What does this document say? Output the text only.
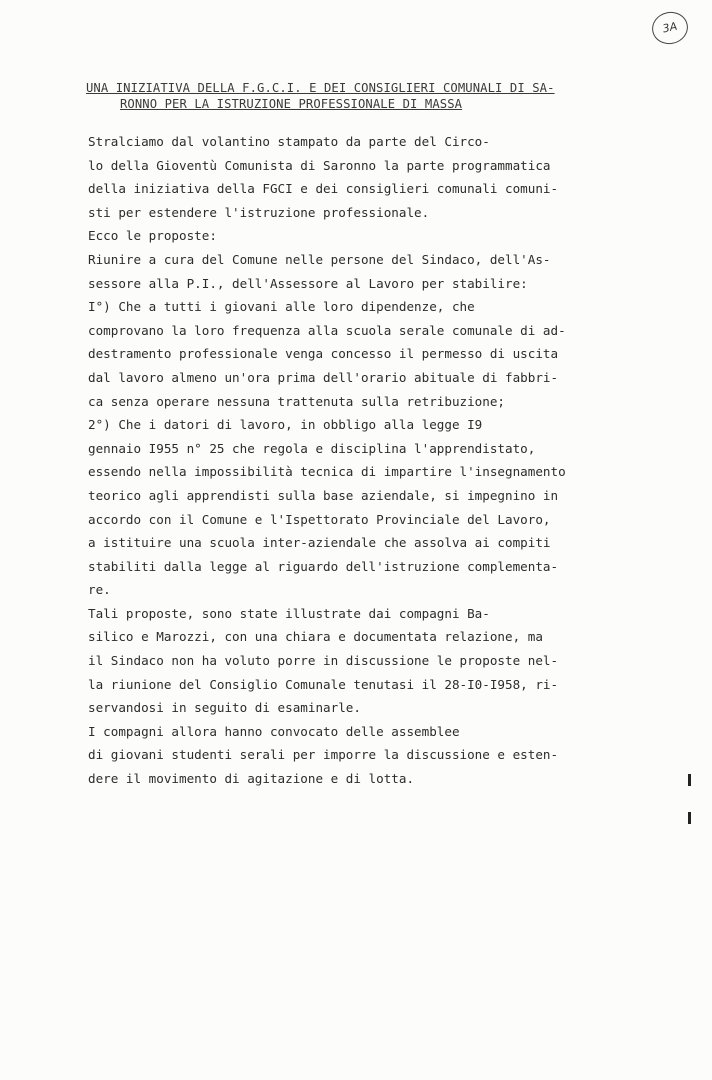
3A
UNA INIZIATIVA DELLA F.G.C.I. E DEI CONSIGLIERI COMUNALI DI SA-
RONNO PER LA ISTRUZIONE PROFESSIONALE DI MASSA

Stralciamo dal volantino stampato da parte del Circo-

lo della Gioventù Comunista di Saronno la parte programmatica

della iniziativa della FGCI e dei consiglieri comunali comuni-

sti per estendere l'istruzione professionale.

Ecco le proposte:

Riunire a cura del Comune nelle persone del Sindaco, dell'As-

sessore alla P.I., dell'Assessore al Lavoro per stabilire:

I°) Che a tutti i giovani alle loro dipendenze, che

comprovano la loro frequenza alla scuola serale comunale di ad-

destramento professionale venga concesso il permesso di uscita

dal lavoro almeno un'ora prima dell'orario abituale di fabbri-

ca senza operare nessuna trattenuta sulla retribuzione;

2°) Che i datori di lavoro, in obbligo alla legge I9

gennaio I955 n° 25 che regola e disciplina l'apprendistato,

essendo nella impossibilità tecnica di impartire l'insegnamento

teorico agli apprendisti sulla base aziendale, si impegnino in

accordo con il Comune e l'Ispettorato Provinciale del Lavoro,

a istituire una scuola inter-aziendale che assolva ai compiti

stabiliti dalla legge al riguardo dell'istruzione complementa-

re.

Tali proposte, sono state illustrate dai compagni Ba-

silico e Marozzi, con una chiara e documentata relazione, ma

il Sindaco non ha voluto porre in discussione le proposte nel-

la riunione del Consiglio Comunale tenutasi il 28-I0-I958, ri-

servandosi in seguito di esaminarle.

I compagni allora hanno convocato delle assemblee

di giovani studenti serali per imporre la discussione e esten-

dere il movimento di agitazione e di lotta.
